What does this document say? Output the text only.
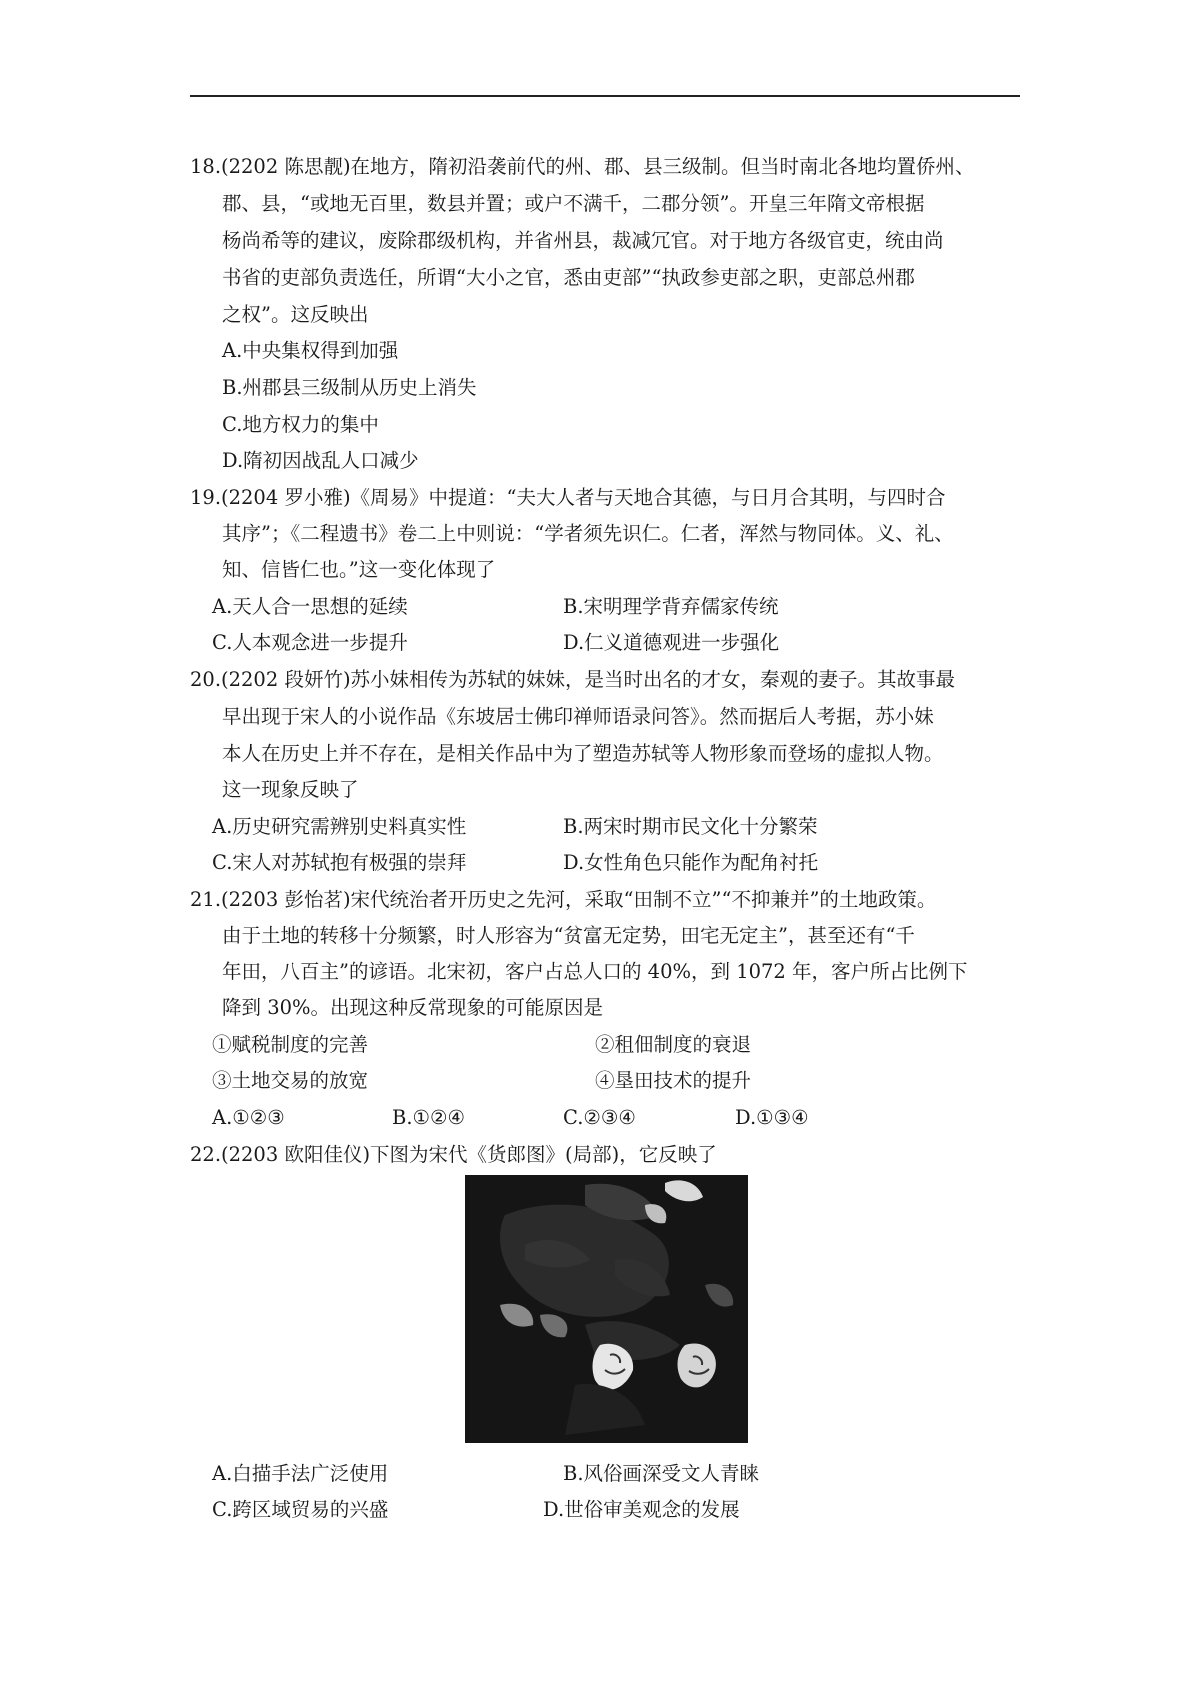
18.(2202 陈思靓)在地方，隋初沿袭前代的州、郡、县三级制。但当时南北各地均置侨州、
郡、县，“或地无百里，数县并置；或户不满千，二郡分领”。开皇三年隋文帝根据
杨尚希等的建议，废除郡级机构，并省州县，裁减冗官。对于地方各级官吏，统由尚
书省的吏部负责选任，所谓“大小之官，悉由吏部”“执政参吏部之职，吏部总州郡
之权”。这反映出
A.中央集权得到加强
B.州郡县三级制从历史上消失
C.地方权力的集中
D.隋初因战乱人口减少
19.(2204 罗小雅)《周易》中提道：“夫大人者与天地合其德，与日月合其明，与四时合
其序”；《二程遗书》卷二上中则说：“学者须先识仁。仁者，浑然与物同体。义、礼、
知、信皆仁也。”这一变化体现了
A.天人合一思想的延续	B.宋明理学背弃儒家传统
C.人本观念进一步提升	D.仁义道德观进一步强化
20.(2202 段妍竹)苏小妹相传为苏轼的妹妹，是当时出名的才女，秦观的妻子。其故事最
早出现于宋人的小说作品《东坡居士佛印禅师语录问答》。然而据后人考据，苏小妹
本人在历史上并不存在，是相关作品中为了塑造苏轼等人物形象而登场的虚拟人物。
这一现象反映了
A.历史研究需辨别史料真实性	B.两宋时期市民文化十分繁荣
C.宋人对苏轼抱有极强的崇拜	D.女性角色只能作为配角衬托
21.(2203 彭怡茗)宋代统治者开历史之先河，采取“田制不立”“不抑兼并”的土地政策。
由于土地的转移十分频繁，时人形容为“贫富无定势，田宅无定主”，甚至还有“千
年田，八百主”的谚语。北宋初，客户占总人口的 40%，到 1072 年，客户所占比例下
降到 30%。出现这种反常现象的可能原因是
①赋税制度的完善	②租佃制度的衰退
③土地交易的放宽	④垦田技术的提升
A.①②③	B.①②④	C.②③④	D.①③④
22.(2203 欧阳佳仪)下图为宋代《货郎图》(局部)，它反映了
A.白描手法广泛使用	B.风俗画深受文人青睐
C.跨区域贸易的兴盛	D.世俗审美观念的发展
